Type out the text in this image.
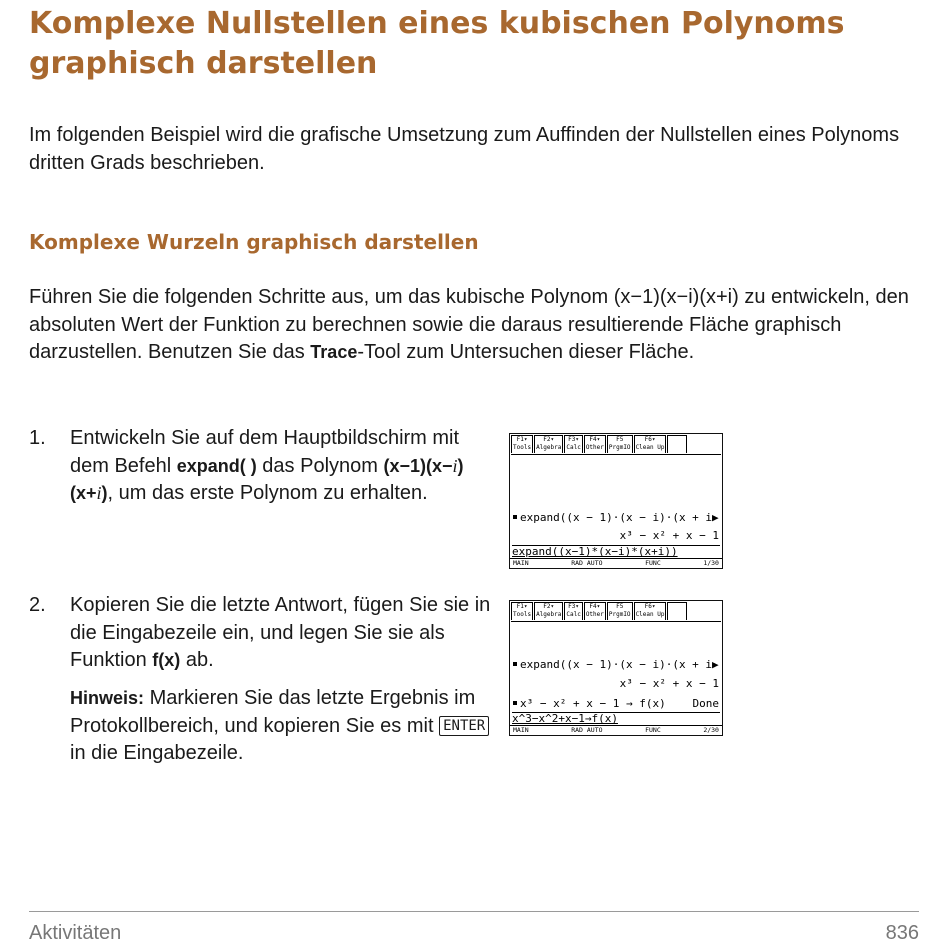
Komplexe Nullstellen eines kubischen Polynoms graphisch darstellen

Im folgenden Beispiel wird die grafische Umsetzung zum Auffinden der Nullstellen eines Polynoms dritten Grads beschrieben.

Komplexe Wurzeln graphisch darstellen

Führen Sie die folgenden Schritte aus, um das kubische Polynom (x−1)(x−i)(x+i) zu entwickeln, den absoluten Wert der Funktion zu berechnen sowie die daraus resultierende Fläche graphisch darzustellen. Benutzen Sie das Trace-Tool zum Untersuchen dieser Fläche.

1. Entwickeln Sie auf dem Hauptbildschirm mit dem Befehl expand( ) das Polynom (x−1)(x−i)(x+i), um das erste Polynom zu erhalten.
F1▾
Tools
F2▾
Algebra
F3▾
Calc
F4▾
Other
F5
PrgmIO
F6▾
Clean Up
expand((x − 1)·(x − i)·(x + i▶
x³ − x² + x − 1
expand((x−1)*(x−i)*(x+i))
MAIN	RAD AUTO	FUNC	1/30
2. Kopieren Sie die letzte Antwort, fügen Sie sie in die Eingabezeile ein, und legen Sie sie als Funktion f(x) ab.
Hinweis: Markieren Sie das letzte Ergebnis im Protokollbereich, und kopieren Sie es mit ENTER in die Eingabezeile.
F1▾
Tools
F2▾
Algebra
F3▾
Calc
F4▾
Other
F5
PrgmIO
F6▾
Clean Up
expand((x − 1)·(x − i)·(x + i▶
x³ − x² + x − 1
x³ − x² + x − 1 → f(x) Done
x^3−x^2+x−1→f(x)
MAIN	RAD AUTO	FUNC	2/30
Aktivitäten	836
